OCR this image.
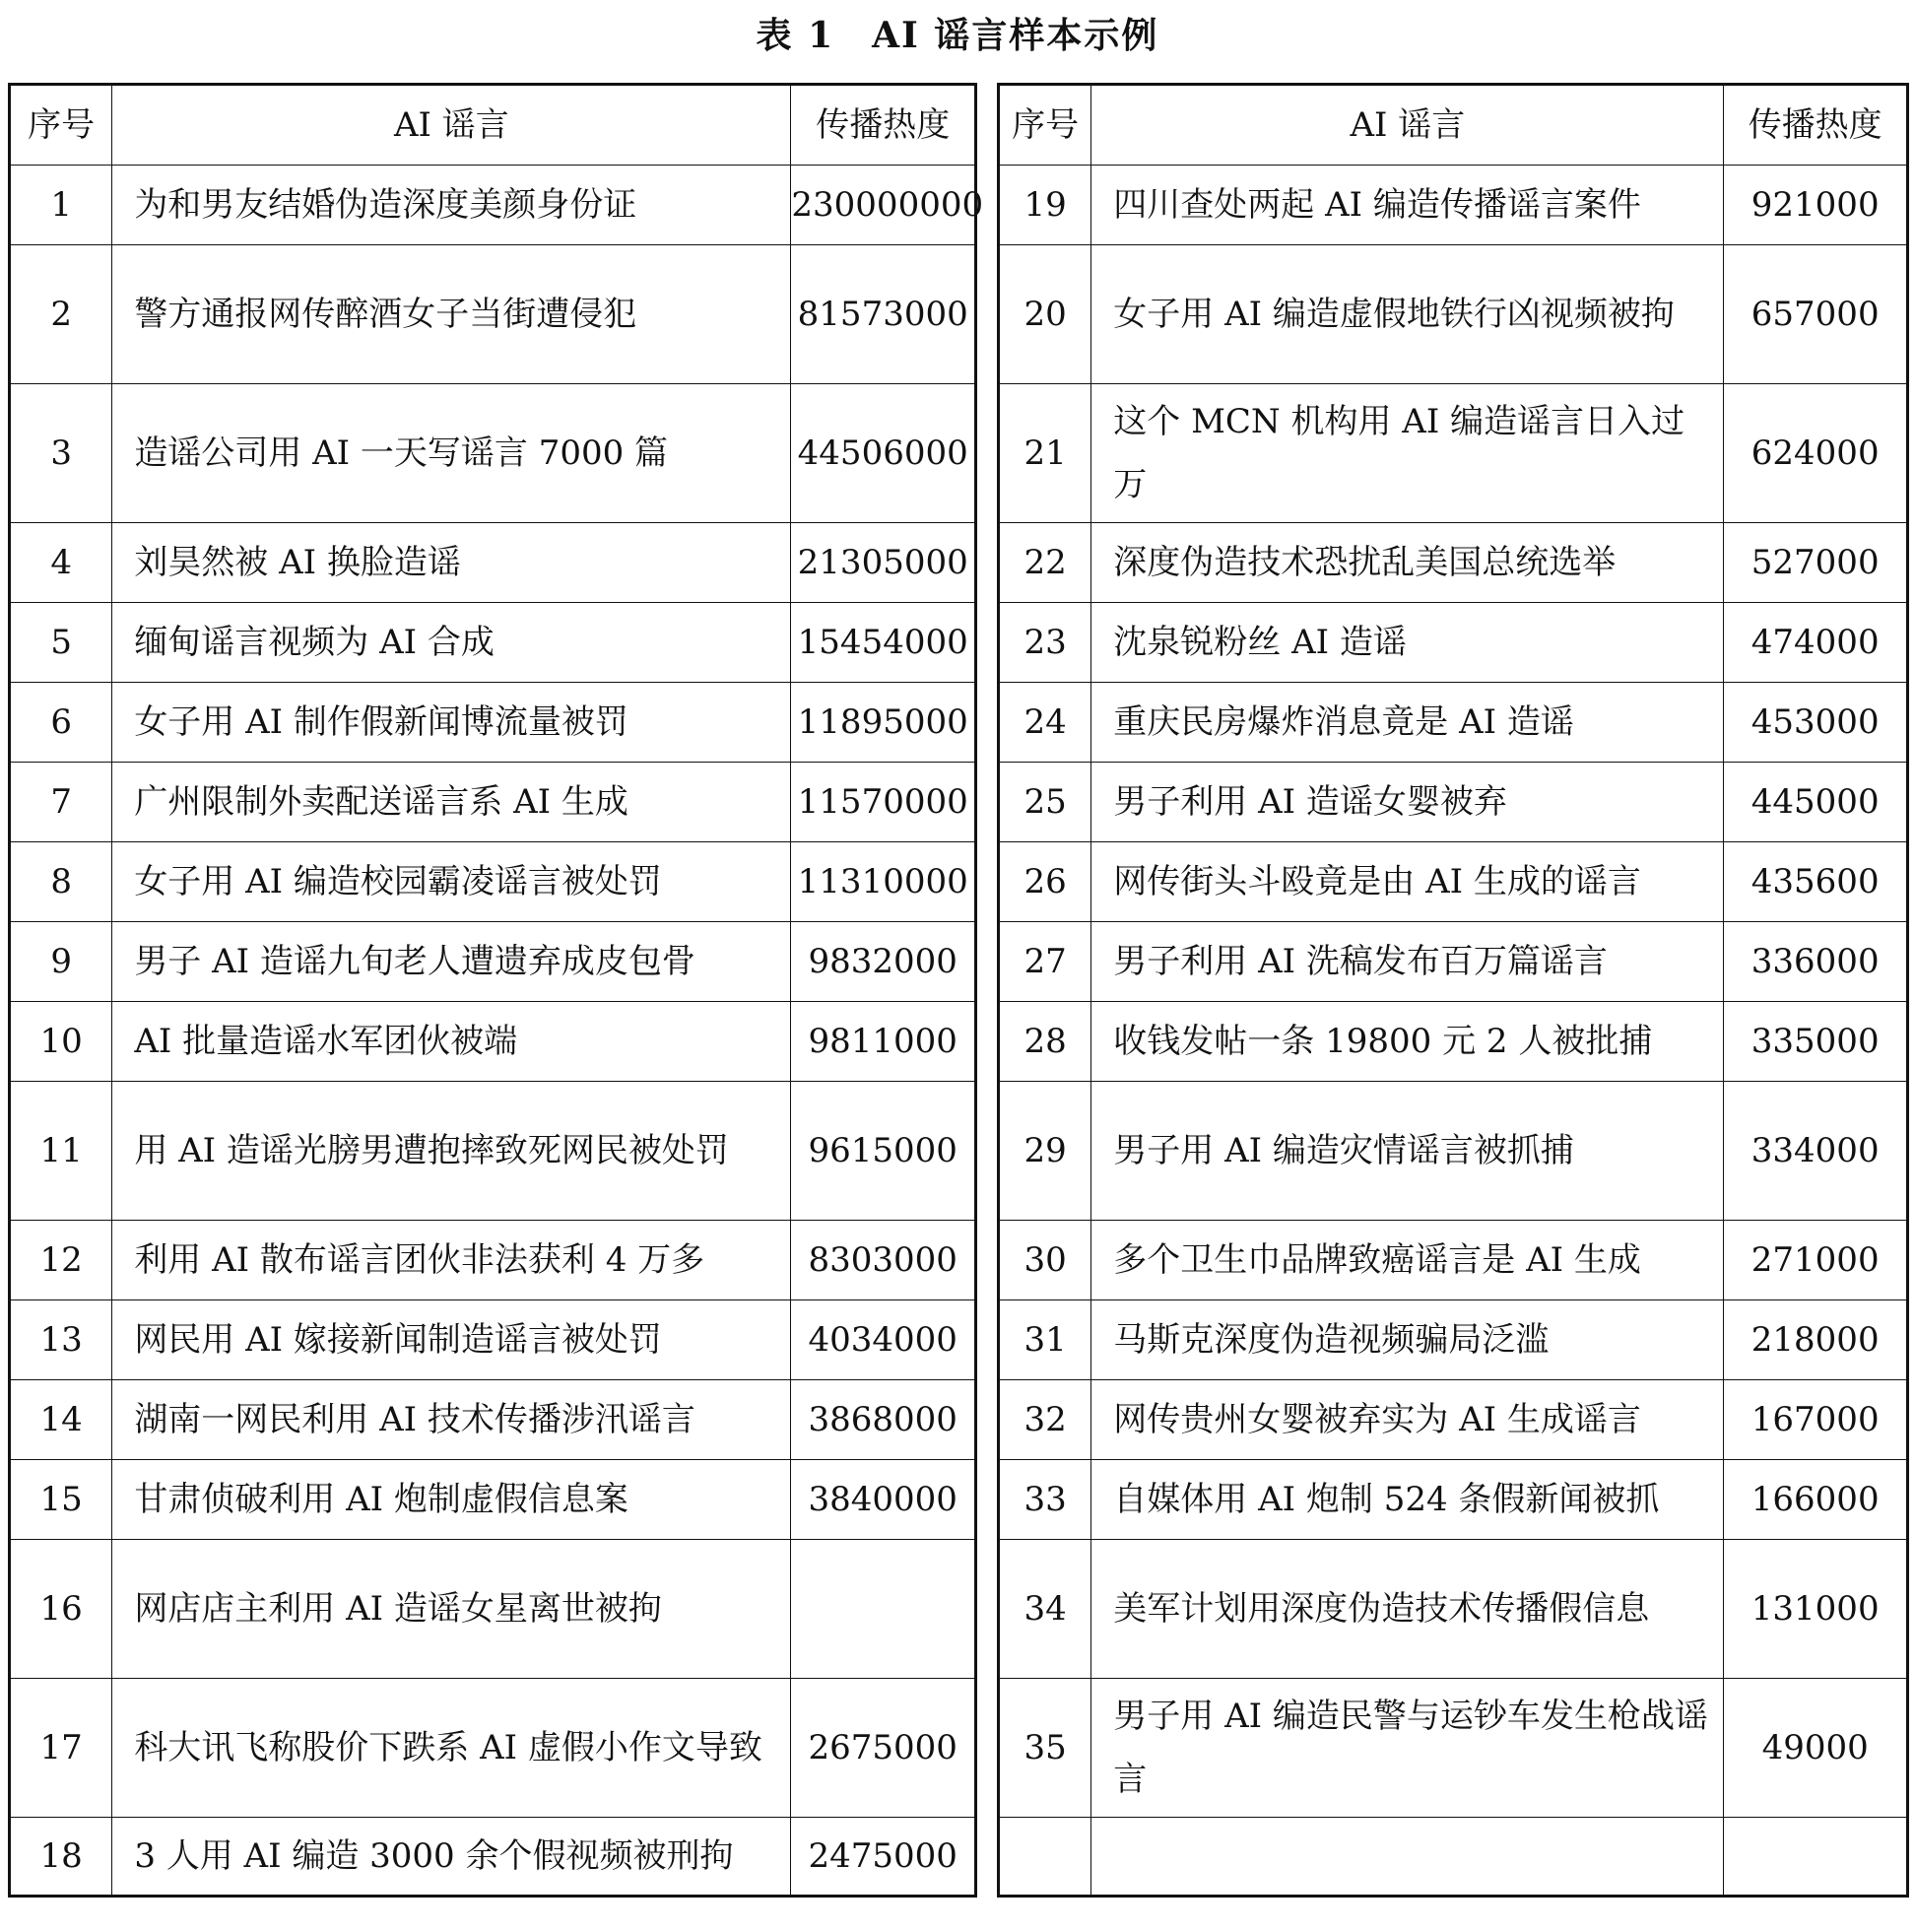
表 1　AI 谣言样本示例
序号	AI 谣言	传播热度
1	为和男友结婚伪造深度美颜身份证	230000000
2	警方通报网传醉酒女子当街遭侵犯	81573000
3	造谣公司用 AI 一天写谣言 7000 篇	44506000
4	刘昊然被 AI 换脸造谣	21305000
5	缅甸谣言视频为 AI 合成	15454000
6	女子用 AI 制作假新闻博流量被罚	11895000
7	广州限制外卖配送谣言系 AI 生成	11570000
8	女子用 AI 编造校园霸凌谣言被处罚	11310000
9	男子 AI 造谣九旬老人遭遗弃成皮包骨	9832000
10	AI 批量造谣水军团伙被端	9811000
11	用 AI 造谣光膀男遭抱摔致死网民被处罚	9615000
12	利用 AI 散布谣言团伙非法获利 4 万多	8303000
13	网民用 AI 嫁接新闻制造谣言被处罚	4034000
14	湖南一网民利用 AI 技术传播涉汛谣言	3868000
15	甘肃侦破利用 AI 炮制虚假信息案	3840000
16	网店店主利用 AI 造谣女星离世被拘	
17	科大讯飞称股价下跌系 AI 虚假小作文导致	2675000
18	3 人用 AI 编造 3000 余个假视频被刑拘	2475000
序号	AI 谣言	传播热度
19	四川查处两起 AI 编造传播谣言案件	921000
20	女子用 AI 编造虚假地铁行凶视频被拘	657000
21	这个 MCN 机构用 AI 编造谣言日入过万	624000
22	深度伪造技术恐扰乱美国总统选举	527000
23	沈泉锐粉丝 AI 造谣	474000
24	重庆民房爆炸消息竟是 AI 造谣	453000
25	男子利用 AI 造谣女婴被弃	445000
26	网传街头斗殴竟是由 AI 生成的谣言	435600
27	男子利用 AI 洗稿发布百万篇谣言	336000
28	收钱发帖一条 19800 元 2 人被批捕	335000
29	男子用 AI 编造灾情谣言被抓捕	334000
30	多个卫生巾品牌致癌谣言是 AI 生成	271000
31	马斯克深度伪造视频骗局泛滥	218000
32	网传贵州女婴被弃实为 AI 生成谣言	167000
33	自媒体用 AI 炮制 524 条假新闻被抓	166000
34	美军计划用深度伪造技术传播假信息	131000
35	男子用 AI 编造民警与运钞车发生枪战谣言	49000
